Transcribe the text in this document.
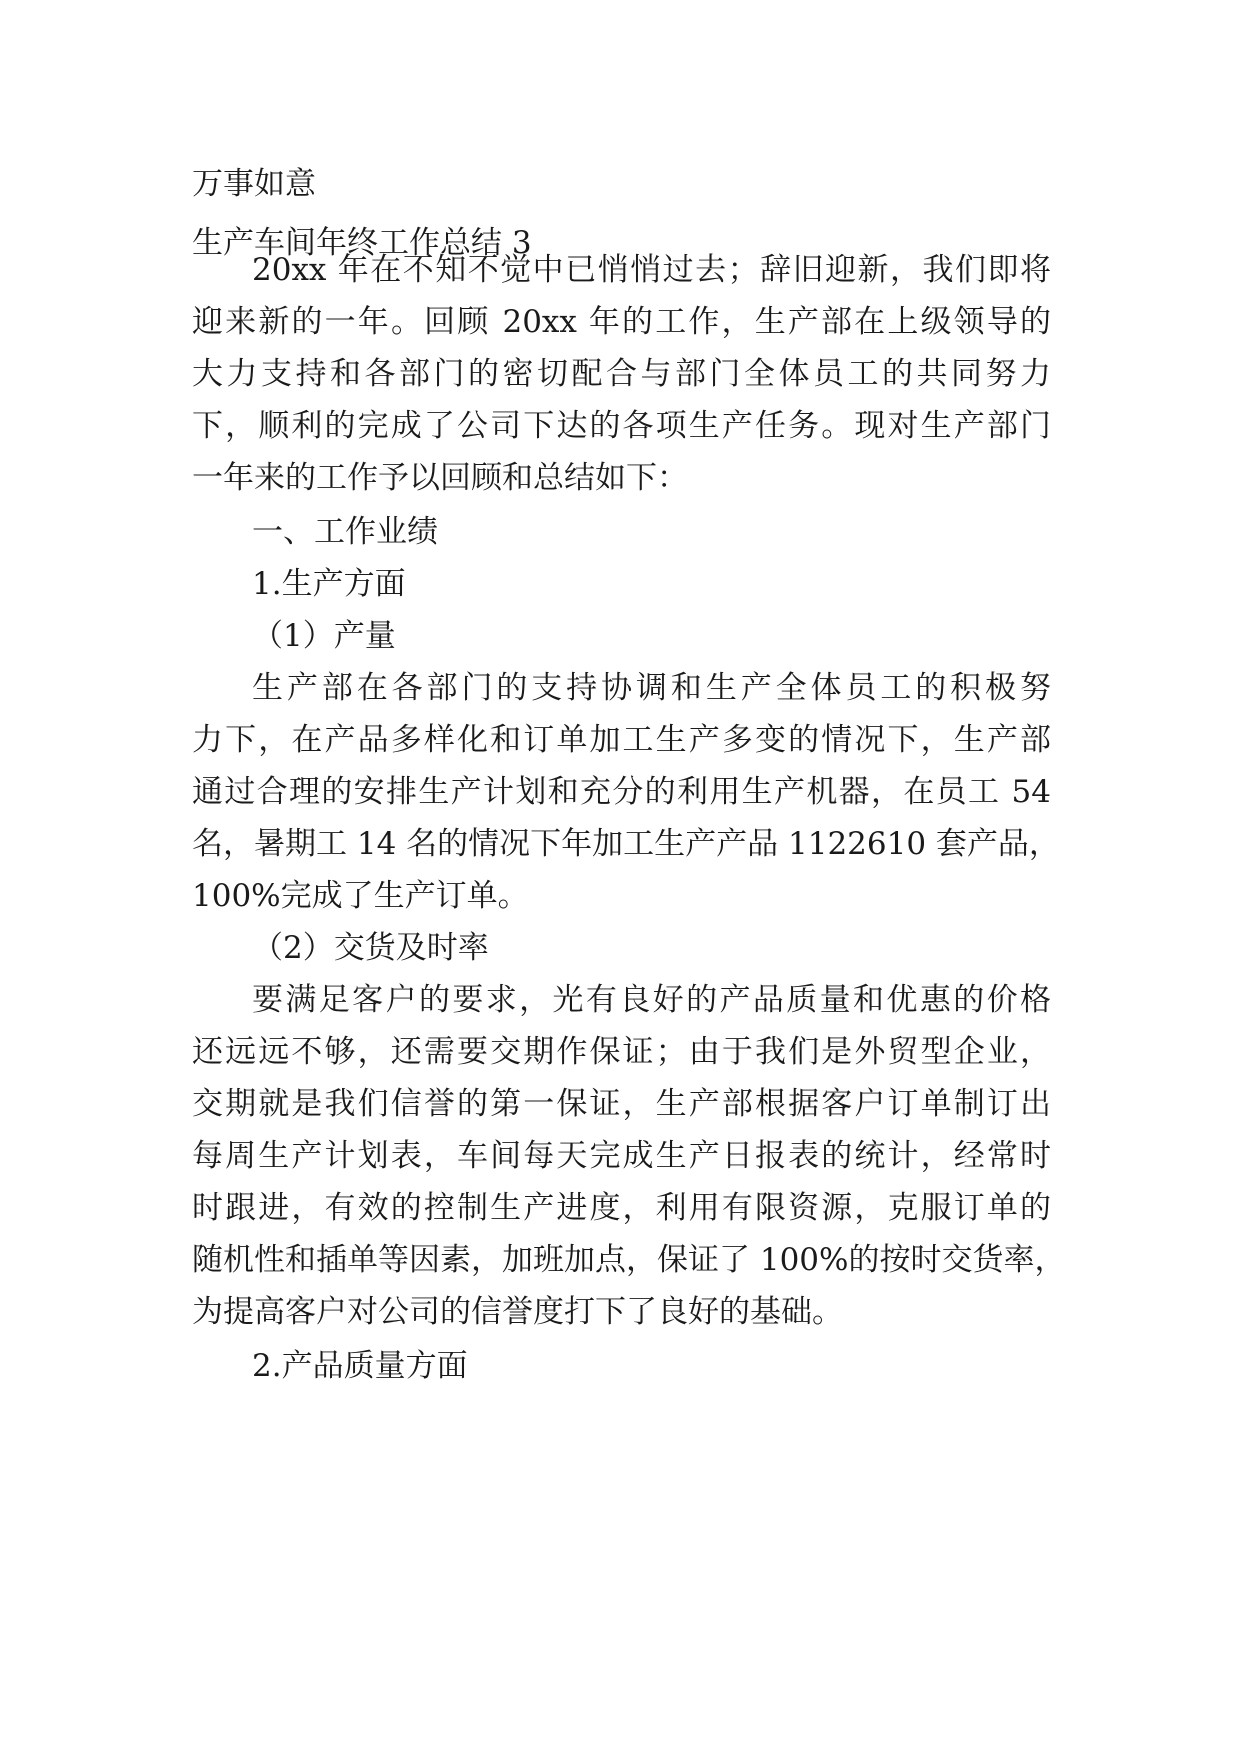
万事如意

生产车间年终工作总结 3

20xx 年在不知不觉中已悄悄过去；辞旧迎新，我们即将

迎来新的一年。回顾 20xx 年的工作，生产部在上级领导的

大力支持和各部门的密切配合与部门全体员工的共同努力

下，顺利的完成了公司下达的各项生产任务。现对生产部门

一年来的工作予以回顾和总结如下：

一、工作业绩

1.生产方面

（1）产量

生产部在各部门的支持协调和生产全体员工的积极努

力下，在产品多样化和订单加工生产多变的情况下，生产部

通过合理的安排生产计划和充分的利用生产机器，在员工 54

名，暑期工 14 名的情况下年加工生产产品 1122610 套产品，

100%完成了生产订单。

（2）交货及时率

要满足客户的要求，光有良好的产品质量和优惠的价格

还远远不够，还需要交期作保证；由于我们是外贸型企业，

交期就是我们信誉的第一保证，生产部根据客户订单制订出

每周生产计划表，车间每天完成生产日报表的统计，经常时

时跟进，有效的控制生产进度，利用有限资源，克服订单的

随机性和插单等因素，加班加点，保证了 100%的按时交货率，

为提高客户对公司的信誉度打下了良好的基础。

2.产品质量方面
